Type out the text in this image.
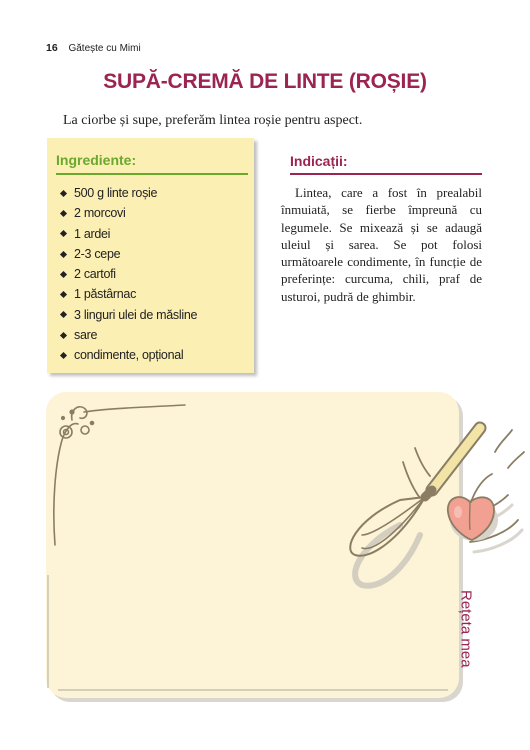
16 Gătește cu Mimi
SUPĂ-CREMĂ DE LINTE (ROȘIE)
La ciorbe și supe, preferăm lintea roșie pentru aspect.
Ingrediente:
500 g linte roșie
2 morcovi
1 ardei
2-3 cepe
2 cartofi
1 păstârnac
3 linguri ulei de măsline
sare
condimente, opțional
Indicații:
Lintea, care a fost în prealabil înmuiată, se fierbe împreună cu legumele. Se mixează și se adaugă uleiul și sarea. Se pot folosi următoarele condimente, în funcție de preferințe: curcuma, chili, praf de usturoi, pudră de ghimbir.
Rețeta mea
